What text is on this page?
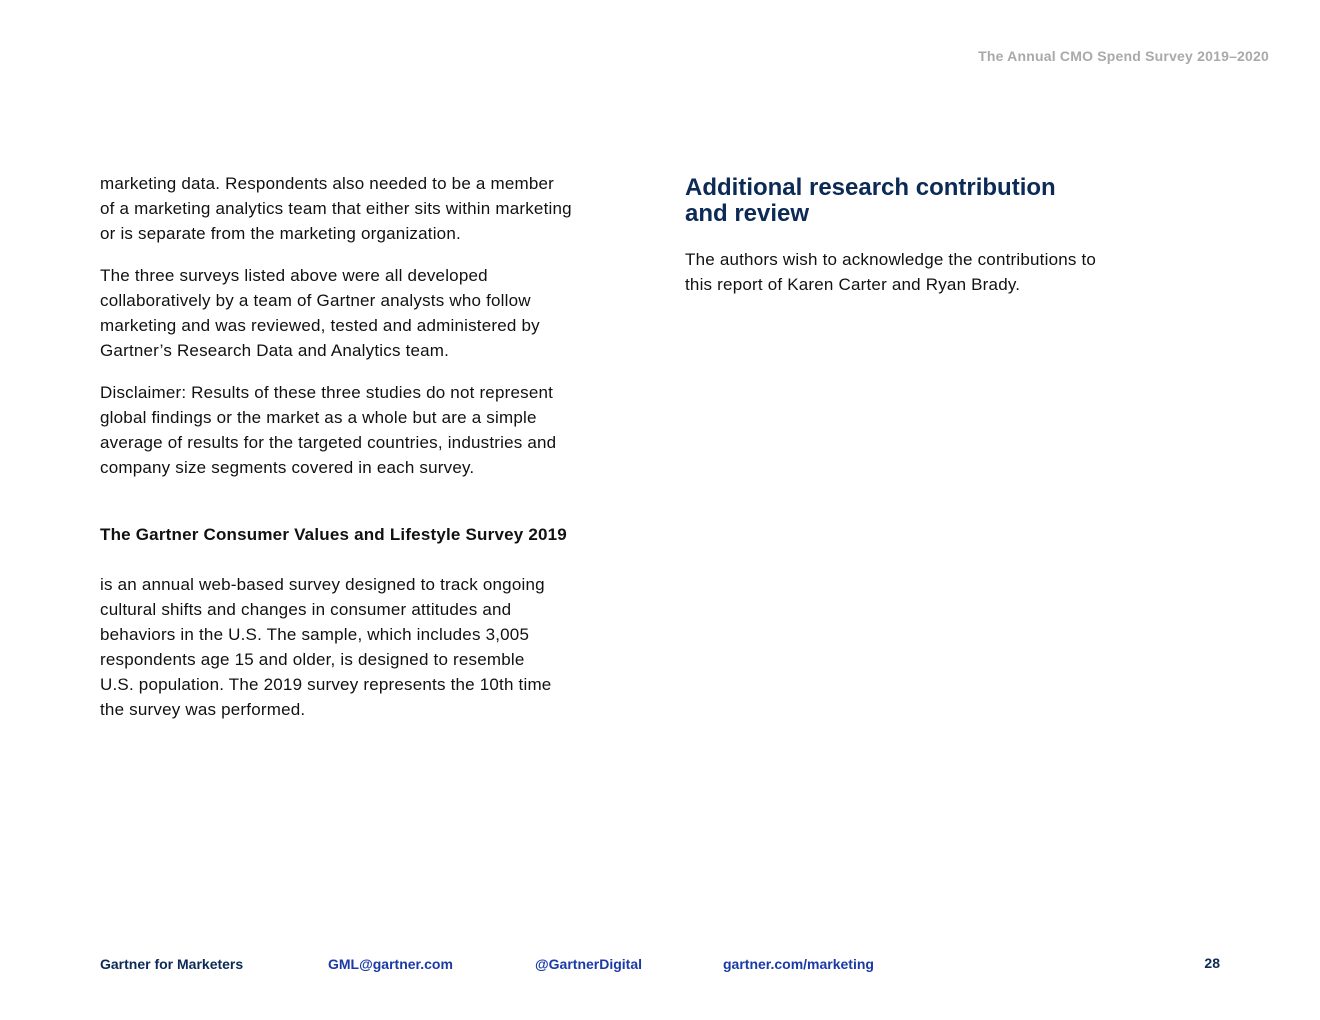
The Annual CMO Spend Survey 2019–2020

marketing data. Respondents also needed to be a member
of a marketing analytics team that either sits within marketing
or is separate from the marketing organization.

The three surveys listed above were all developed
collaboratively by a team of Gartner analysts who follow
marketing and was reviewed, tested and administered by
Gartner’s Research Data and Analytics team.

Disclaimer: Results of these three studies do not represent
global findings or the market as a whole but are a simple
average of results for the targeted countries, industries and
company size segments covered in each survey.

The Gartner Consumer Values and Lifestyle Survey 2019

is an annual web-based survey designed to track ongoing
cultural shifts and changes in consumer attitudes and
behaviors in the U.S. The sample, which includes 3,005
respondents age 15 and older, is designed to resemble
U.S. population. The 2019 survey represents the 10th time
the survey was performed.

Additional research contribution
and review

The authors wish to acknowledge the contributions to
this report of Karen Carter and Ryan Brady.

Gartner for Marketers	GML@gartner.com	@GartnerDigital	gartner.com/marketing	28
